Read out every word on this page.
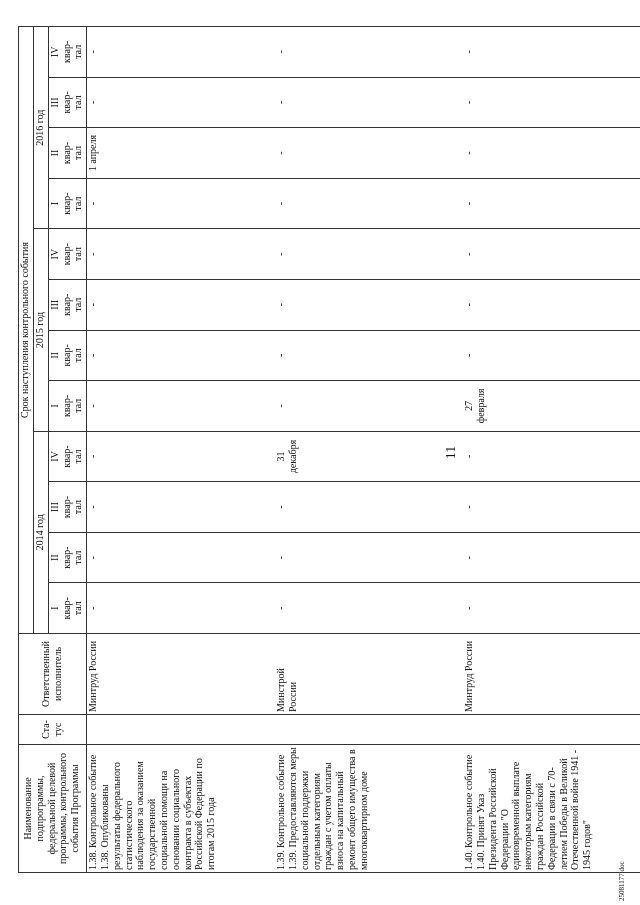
11
Наименование подпрограммы, федеральной целевой программы, контрольного события Программы	Ста-тус	Ответственный исполнитель	Срок наступления контрольного события											
			2014 год				2015 год				2016 год			

			I квар- тал	II квар- тал	III квар- тал	IV квар- тал	I квар- тал	II квар- тал	III квар- тал	IV квар- тал	I квар- тал	II квар- тал	III квар- тал	IV квар- тал

1.38.Контрольное событие 1.38. Опубликованы результаты федерального статистического наблюдения за оказанием государственной социальной помощи на основании социального контракта в субъектах Российской Федерации по итогам 2015 года		Минтруд России	-	-	-	-	-	-	-	-	-	1 апреля	-	-
1.39.Контрольное событие 1.39. Предоставляются меры социальной поддержки отдельным категориям граждан с учетом оплаты взноса на капитальный ремонт общего имущества в многоквартирном доме		Минстрой России	-	-	-	31 декабря	-	-	-	-	-	-	-	-
1.40.Контрольное событие 1.40. Принят Указ Президента Российской Федерации "О единовременной выплате некоторым категориям граждан Российской Федерации в связи с 70-летием Победы в Великой Отечественной войне 1941 - 1945 годов"		Минтруд России	-	-	-	-	27 февраля	-	-	-	-	-	-	-
25081177.doc
